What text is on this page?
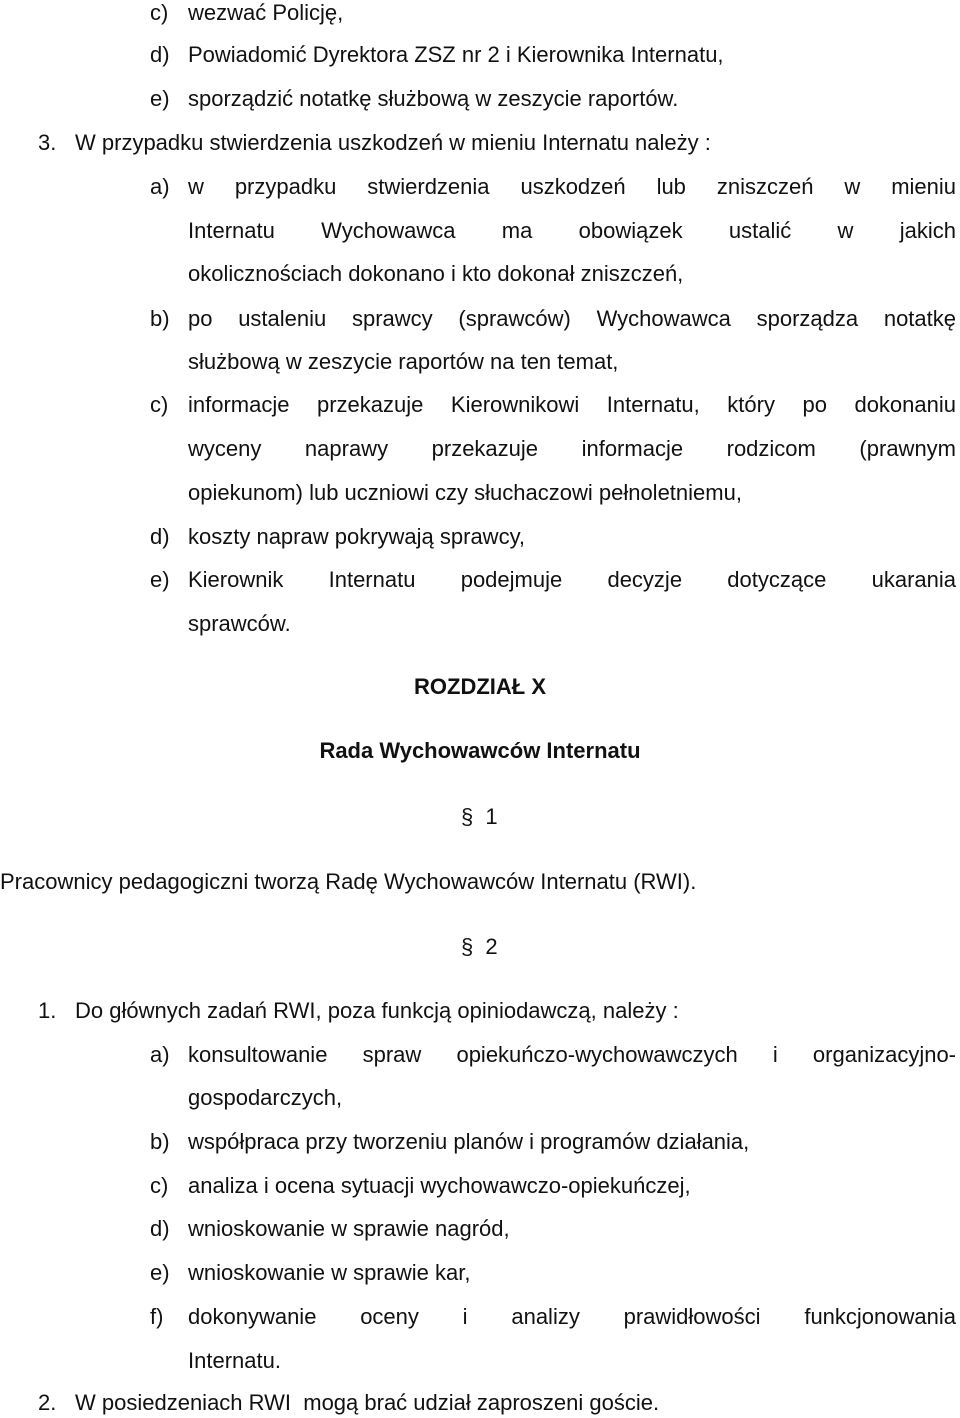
c) wezwać Policję,
d) Powiadomić Dyrektora ZSZ nr 2 i Kierownika Internatu,
e) sporządzić notatkę służbową w zeszycie raportów.
3. W przypadku stwierdzenia uszkodzeń w mieniu Internatu należy :
a) w przypadku stwierdzenia uszkodzeń lub zniszczeń w mieniu
Internatu Wychowawca ma obowiązek ustalić w jakich
okolicznościach dokonano i kto dokonał zniszczeń,
b) po ustaleniu sprawcy (sprawców) Wychowawca sporządza notatkę
służbową w zeszycie raportów na ten temat,
c) informacje przekazuje Kierownikowi Internatu, który po dokonaniu
wyceny naprawy przekazuje informacje rodzicom (prawnym
opiekunom) lub uczniowi czy słuchaczowi pełnoletniemu,
d) koszty napraw pokrywają sprawcy,
e) Kierownik Internatu podejmuje decyzje dotyczące ukarania
sprawców.
ROZDZIAŁ X
Rada Wychowawców Internatu
§ 1
Pracownicy pedagogiczni tworzą Radę Wychowawców Internatu (RWI).
§ 2
1. Do głównych zadań RWI, poza funkcją opiniodawczą, należy :
a) konsultowanie spraw opiekuńczo-wychowawczych i organizacyjno-
gospodarczych,
b) współpraca przy tworzeniu planów i programów działania,
c) analiza i ocena sytuacji wychowawczo-opiekuńczej,
d) wnioskowanie w sprawie nagród,
e) wnioskowanie w sprawie kar,
f) dokonywanie oceny i analizy prawidłowości funkcjonowania
Internatu.
2. W posiedzeniach RWI  mogą brać udział zaproszeni goście.
